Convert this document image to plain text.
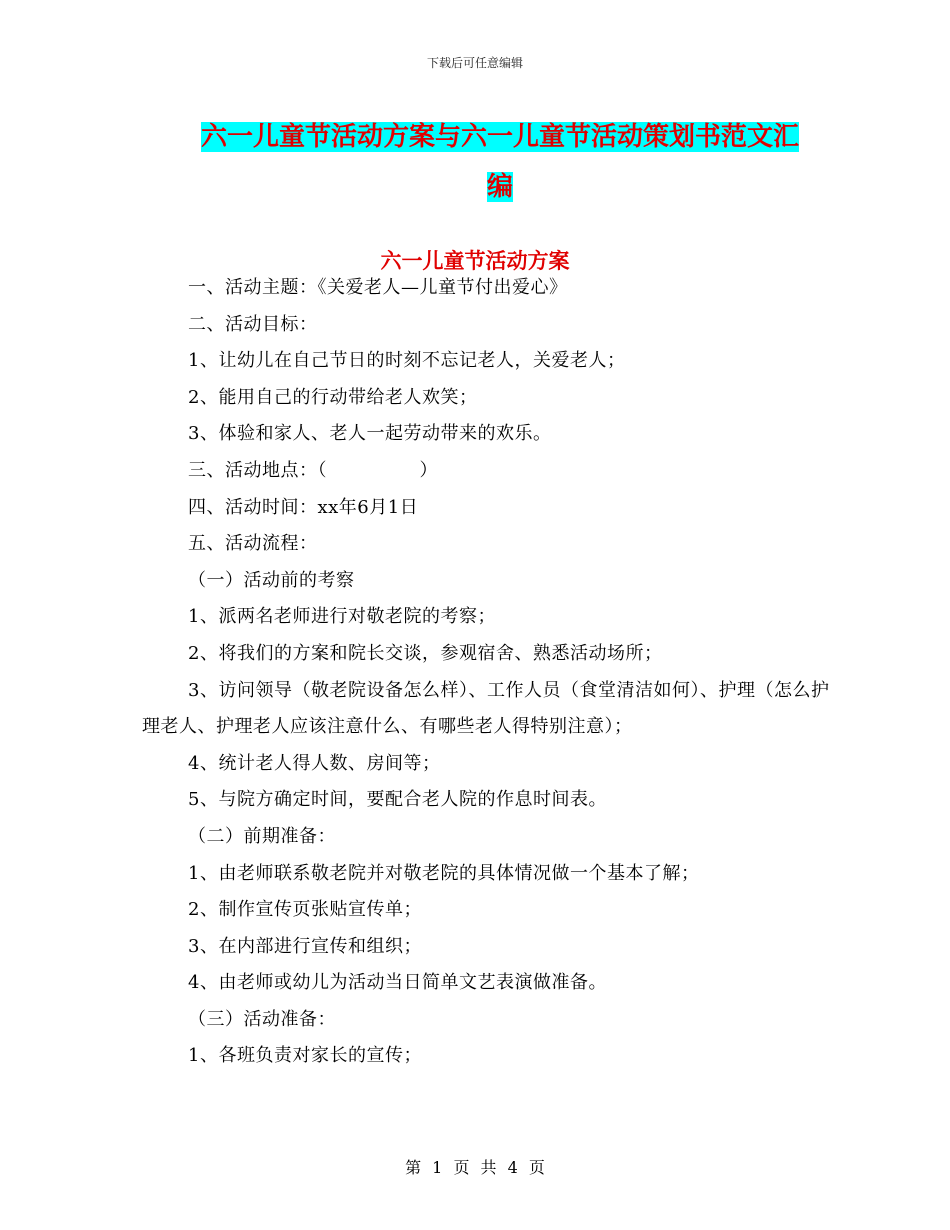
下载后可任意编辑
六一儿童节活动方案与六一儿童节活动策划书范文汇
编
六一儿童节活动方案

一、活动主题：《关爱老人—儿童节付出爱心》

二、活动目标：

1、让幼儿在自己节日的时刻不忘记老人，关爱老人；

2、能用自己的行动带给老人欢笑；

3、体验和家人、老人一起劳动带来的欢乐。

三、活动地点：（　　　　　）

四、活动时间：xx年6月1日

五、活动流程：

（一）活动前的考察

1、派两名老师进行对敬老院的考察；

2、将我们的方案和院长交谈，参观宿舍、熟悉活动场所；

3、访问领导（敬老院设备怎么样）、工作人员（食堂清洁如何）、护理（怎么护理老人、护理老人应该注意什么、有哪些老人得特别注意）；

4、统计老人得人数、房间等；

5、与院方确定时间，要配合老人院的作息时间表。

（二）前期准备：

1、由老师联系敬老院并对敬老院的具体情况做一个基本了解；

2、制作宣传页张贴宣传单；

3、在内部进行宣传和组织；

4、由老师或幼儿为活动当日简单文艺表演做准备。

（三）活动准备：

1、各班负责对家长的宣传；

第 1 页 共 4 页
